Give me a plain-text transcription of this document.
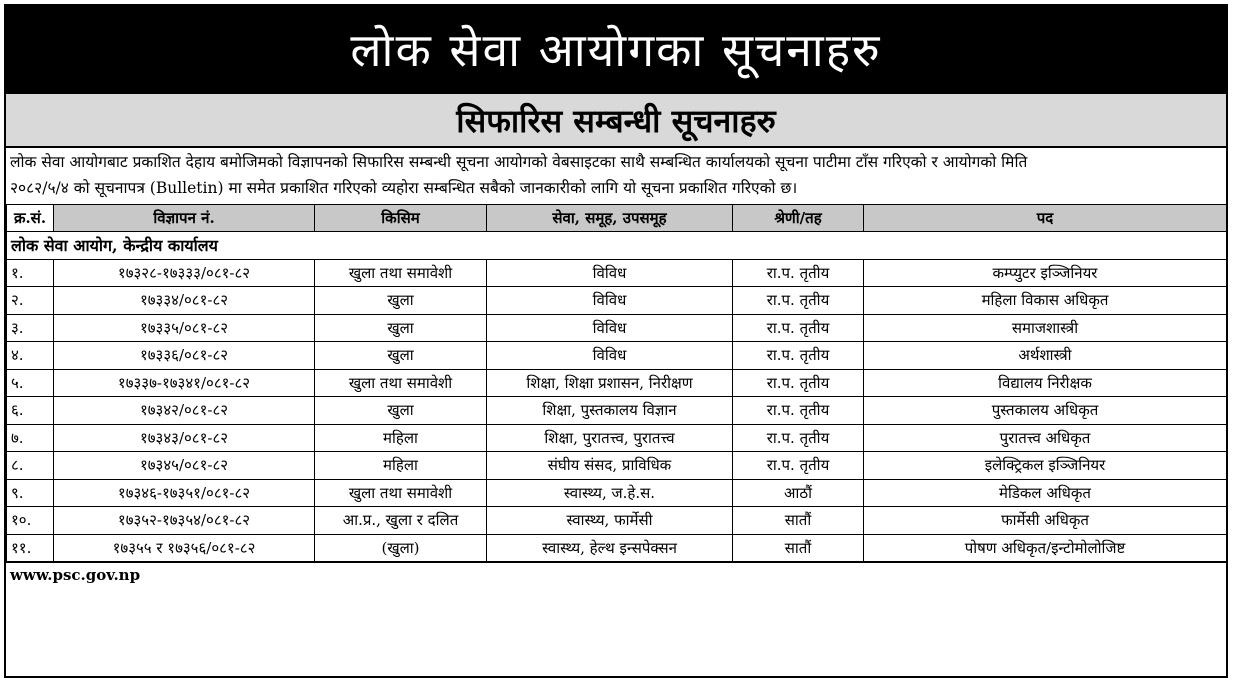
लोक सेवा आयोगका सूचनाहरु
सिफारिस सम्बन्धी सूचनाहरु
लोक सेवा आयोगबाट प्रकाशित देहाय बमोजिमको विज्ञापनको सिफारिस सम्बन्धी सूचना आयोगको वेबसाइटका साथै सम्बन्धित कार्यालयको सूचना पाटीमा टाँस गरिएको र आयोगको मिति
२०८२/५/४ को सूचनापत्र (Bulletin) मा समेत प्रकाशित गरिएको व्यहोरा सम्बन्धित सबैको जानकारीको लागि यो सूचना प्रकाशित गरिएको छ।
क्र.सं.	विज्ञापन नं.	किसिम	सेवा, समूह, उपसमूह	श्रेणी/तह	पद
लोक सेवा आयोग, केन्द्रीय कार्यालय					
१.	१७३२८-१७३३३/०८१-८२	खुला तथा समावेशी	विविध	रा.प. तृतीय	कम्प्युटर इञ्जिनियर
२.	१७३३४/०८१-८२	खुला	विविध	रा.प. तृतीय	महिला विकास अधिकृत
३.	१७३३५/०८१-८२	खुला	विविध	रा.प. तृतीय	समाजशास्त्री
४.	१७३३६/०८१-८२	खुला	विविध	रा.प. तृतीय	अर्थशास्त्री
५.	१७३३७-१७३४१/०८१-८२	खुला तथा समावेशी	शिक्षा, शिक्षा प्रशासन, निरीक्षण	रा.प. तृतीय	विद्यालय निरीक्षक
६.	१७३४२/०८१-८२	खुला	शिक्षा, पुस्तकालय विज्ञान	रा.प. तृतीय	पुस्तकालय अधिकृत
७.	१७३४३/०८१-८२	महिला	शिक्षा, पुरातत्त्व, पुरातत्त्व	रा.प. तृतीय	पुरातत्त्व अधिकृत
८.	१७३४५/०८१-८२	महिला	संघीय संसद, प्राविधिक	रा.प. तृतीय	इलेक्ट्रिकल इञ्जिनियर
९.	१७३४६-१७३५१/०८१-८२	खुला तथा समावेशी	स्वास्थ्य, ज.हे.स.	आठौं	मेडिकल अधिकृत
१०.	१७३५२-१७३५४/०८१-८२	आ.प्र., खुला र दलित	स्वास्थ्य, फार्मेसी	सातौं	फार्मेसी अधिकृत
११.	१७३५५ र १७३५६/०८१-८२	(खुला)	स्वास्थ्य, हेल्थ इन्सपेक्सन	सातौं	पोषण अधिकृत/इन्टोमोलोजिष्ट
www.psc.gov.np
